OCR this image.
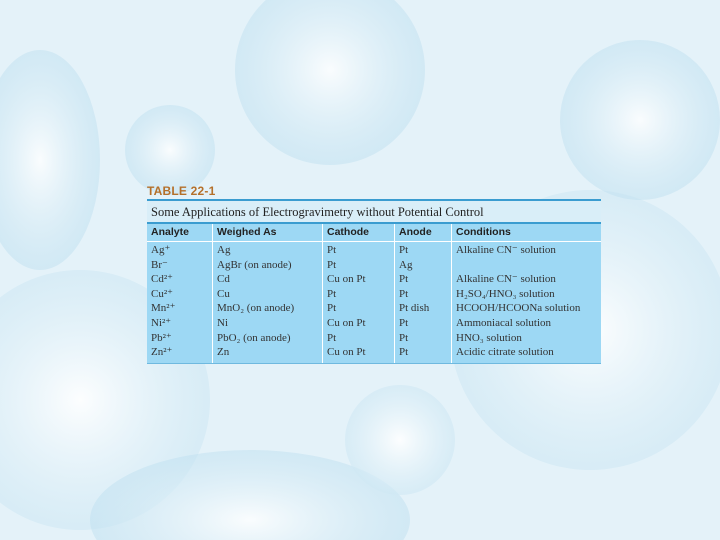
TABLE 22-1
Some Applications of Electrogravimetry without Potential Control
Analyte
Ag⁺
Br⁻
Cd²⁺
Cu²⁺
Mn²⁺
Ni²⁺
Pb²⁺
Zn²⁺
Weighed As
Ag
AgBr (on anode)
Cd
Cu
MnO₂ (on anode)
Ni
PbO₂ (on anode)
Zn
Cathode
Pt
Pt
Cu on Pt
Pt
Pt
Cu on Pt
Pt
Cu on Pt
Anode
Pt
Ag
Pt
Pt
Pt dish
Pt
Pt
Pt
Conditions
Alkaline CN⁻ solution
Alkaline CN⁻ solution
H₂SO₄/HNO₃ solution
HCOOH/HCOONa solution
Ammoniacal solution
HNO₃ solution
Acidic citrate solution
